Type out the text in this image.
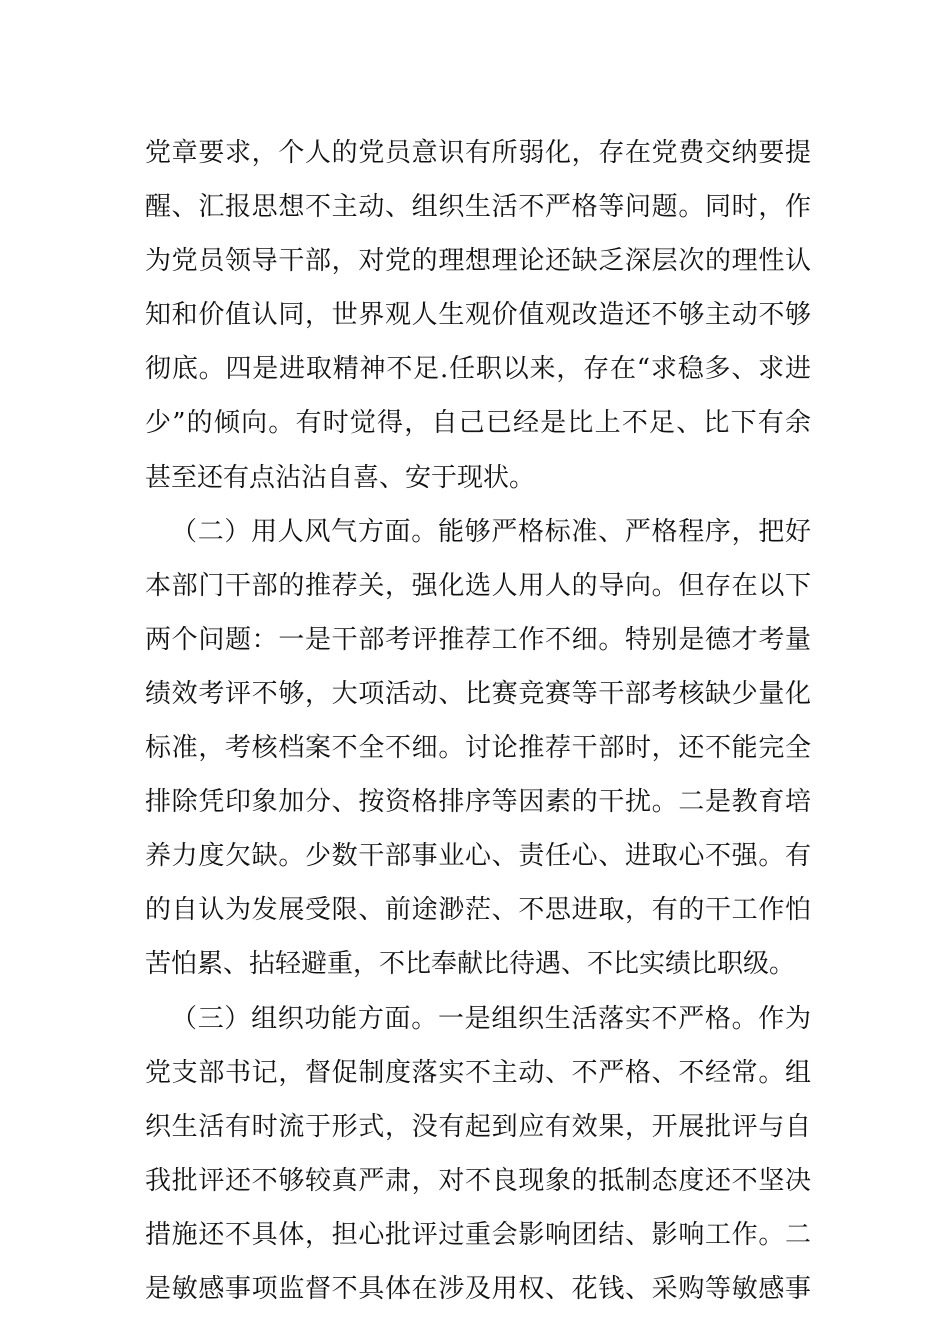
党章要求，个人的党员意识有所弱化，存在党费交纳要提
醒、汇报思想不主动、组织生活不严格等问题。同时，作
为党员领导干部，对党的理想理论还缺乏深层次的理性认
知和价值认同，世界观人生观价值观改造还不够主动不够
彻底。四是进取精神不足.任职以来，存在“求稳多、求进
少”的倾向。有时觉得，自己已经是比上不足、比下有余
甚至还有点沾沾自喜、安于现状。
（二）用人风气方面。能够严格标准、严格程序，把好
本部门干部的推荐关，强化选人用人的导向。但存在以下
两个问题：一是干部考评推荐工作不细。特别是德才考量
绩效考评不够，大项活动、比赛竞赛等干部考核缺少量化
标准，考核档案不全不细。讨论推荐干部时，还不能完全
排除凭印象加分、按资格排序等因素的干扰。二是教育培
养力度欠缺。少数干部事业心、责任心、进取心不强。有
的自认为发展受限、前途渺茫、不思进取，有的干工作怕
苦怕累、拈轻避重，不比奉献比待遇、不比实绩比职级。
（三）组织功能方面。一是组织生活落实不严格。作为
党支部书记，督促制度落实不主动、不严格、不经常。组
织生活有时流于形式，没有起到应有效果，开展批评与自
我批评还不够较真严肃，对不良现象的抵制态度还不坚决
措施还不具体，担心批评过重会影响团结、影响工作。二
是敏感事项监督不具体在涉及用权、花钱、采购等敏感事
